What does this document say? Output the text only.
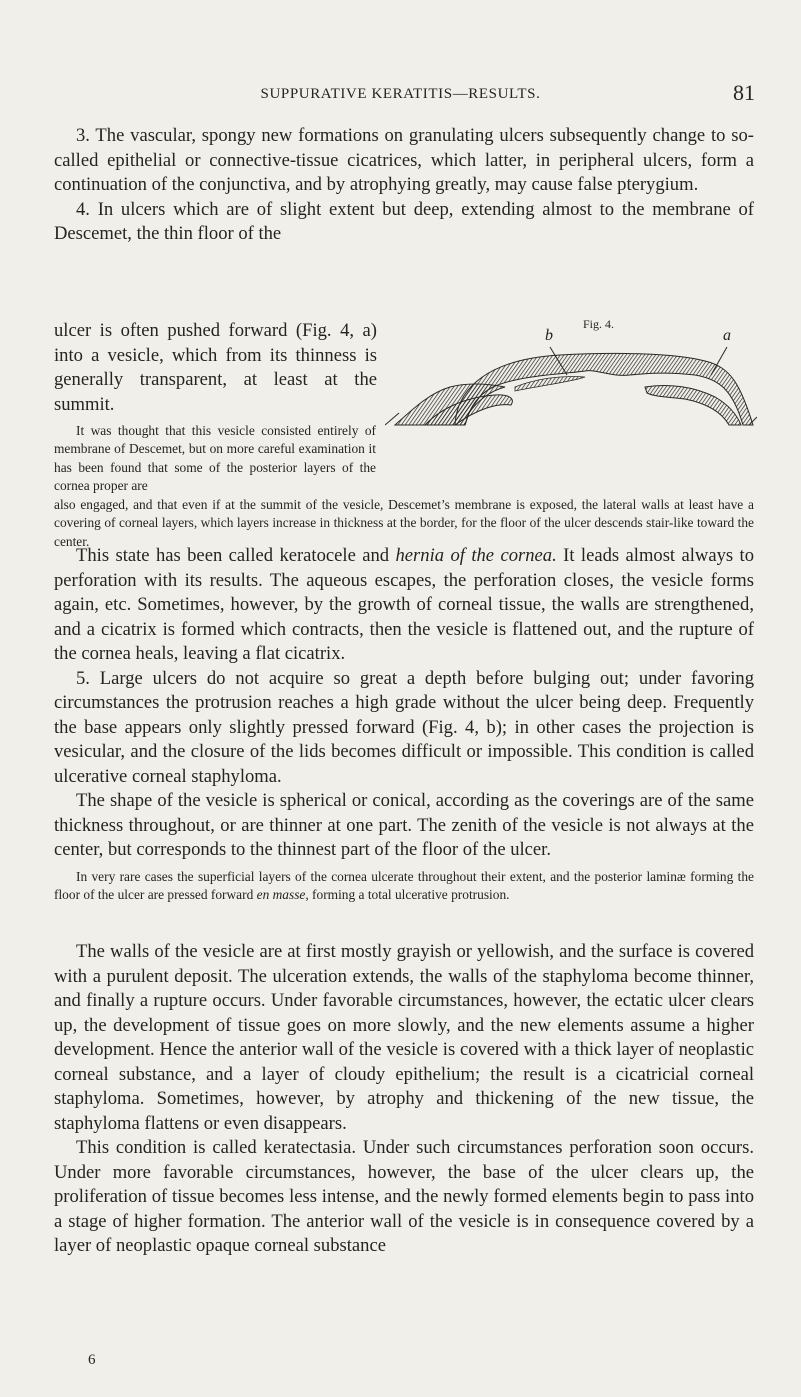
SUPPURATIVE KERATITIS—RESULTS.	81

3. The vascular, spongy new formations on granulating ulcers subsequently change to so-called epithelial or connective-tissue cicatrices, which latter, in peripheral ulcers, form a continuation of the conjunctiva, and by atrophying greatly, may cause false pterygium.

4. In ulcers which are of slight extent but deep, extending almost to the membrane of Descemet, the thin floor of the

ulcer is often pushed forward (Fig. 4, a) into a vesicle, which from its thinness is generally transparent, at least at the summit.

It was thought that this vesicle consisted entirely of membrane of Descemet, but on more careful examination it has been found that some of the posterior layers of the cornea proper are

also engaged, and that even if at the summit of the vesicle, Descemet’s membrane is exposed, the lateral walls at least have a covering of corneal layers, which layers increase in thickness at the border, for the floor of the ulcer descends stair-like toward the center.

Fig. 4.
b	a

This state has been called keratocele and hernia of the cornea. It leads almost always to perforation with its results. The aqueous escapes, the perforation closes, the vesicle forms again, etc. Sometimes, however, by the growth of corneal tissue, the walls are strengthened, and a cicatrix is formed which contracts, then the vesicle is flattened out, and the rupture of the cornea heals, leaving a flat cicatrix.

5. Large ulcers do not acquire so great a depth before bulging out; under favoring circumstances the protrusion reaches a high grade without the ulcer being deep. Frequently the base appears only slightly pressed forward (Fig. 4, b); in other cases the projection is vesicular, and the closure of the lids becomes difficult or impossible. This condition is called ulcerative corneal staphyloma.

The shape of the vesicle is spherical or conical, according as the coverings are of the same thickness throughout, or are thinner at one part. The zenith of the vesicle is not always at the center, but corresponds to the thinnest part of the floor of the ulcer.

In very rare cases the superficial layers of the cornea ulcerate throughout their extent, and the posterior laminæ forming the floor of the ulcer are pressed forward en masse, forming a total ulcerative protrusion.

The walls of the vesicle are at first mostly grayish or yellowish, and the surface is covered with a purulent deposit. The ulceration extends, the walls of the staphyloma become thinner, and finally a rupture occurs. Under favorable circumstances, however, the ectatic ulcer clears up, the development of tissue goes on more slowly, and the new elements assume a higher development. Hence the anterior wall of the vesicle is covered with a thick layer of neoplastic corneal substance, and a layer of cloudy epithelium; the result is a cicatricial corneal staphyloma. Sometimes, however, by atrophy and thickening of the new tissue, the staphyloma flattens or even disappears.

This condition is called keratectasia. Under such circumstances perforation soon occurs. Under more favorable circumstances, however, the base of the ulcer clears up, the proliferation of tissue becomes less intense, and the newly formed elements begin to pass into a stage of higher formation. The anterior wall of the vesicle is in consequence covered by a layer of neoplastic opaque corneal substance

6
